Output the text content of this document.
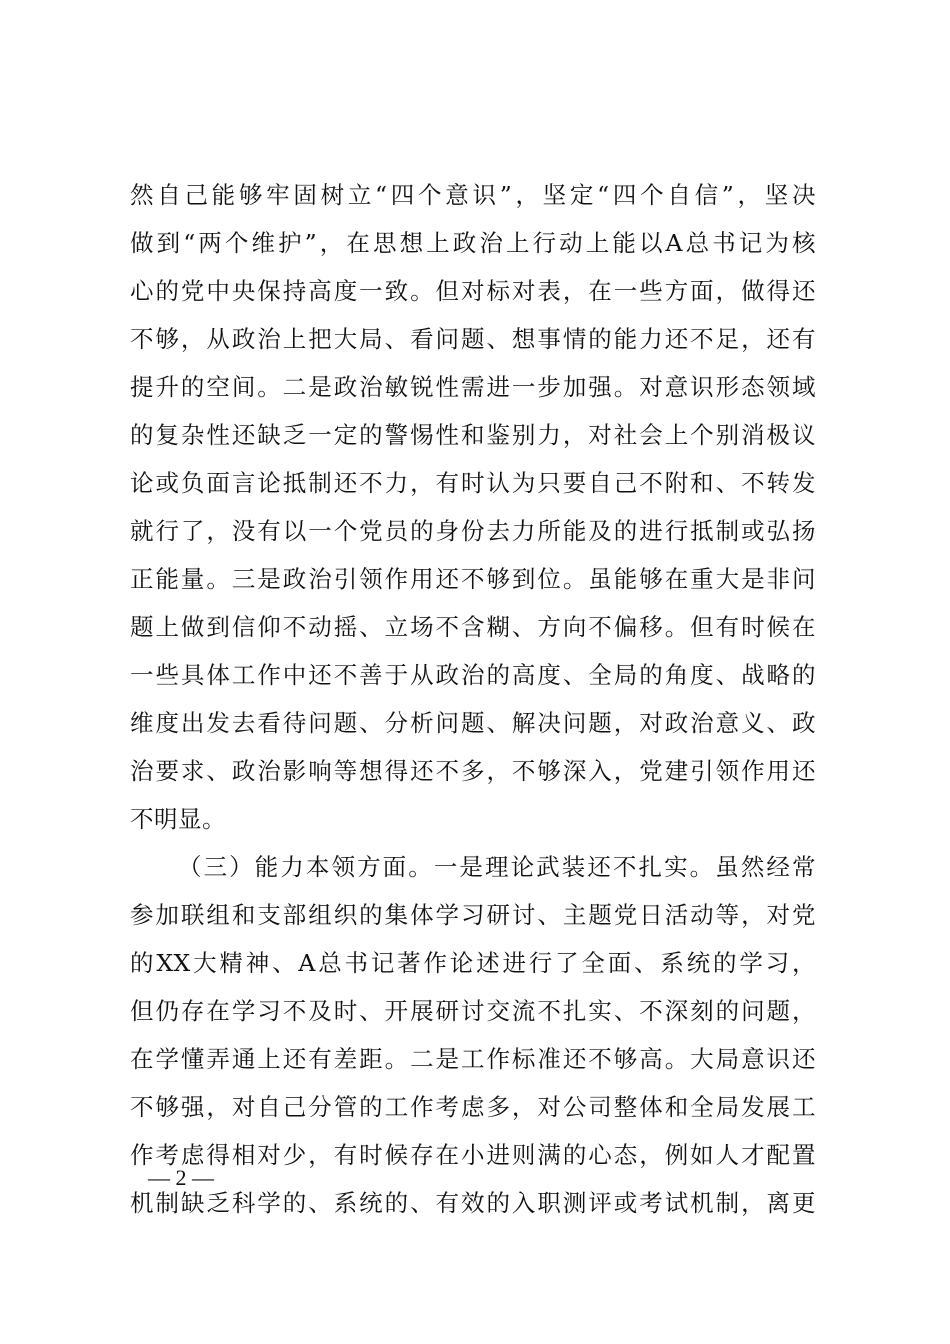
然自己能够牢固树立“四个意识”，坚定“四个自信”，坚决
做到“两个维护”，在思想上政治上行动上能以A总书记为核
心的党中央保持高度一致。但对标对表，在一些方面，做得还
不够，从政治上把大局、看问题、想事情的能力还不足，还有
提升的空间。二是政治敏锐性需进一步加强。对意识形态领域
的复杂性还缺乏一定的警惕性和鉴别力，对社会上个别消极议
论或负面言论抵制还不力，有时认为只要自己不附和、不转发
就行了，没有以一个党员的身份去力所能及的进行抵制或弘扬
正能量。三是政治引领作用还不够到位。虽能够在重大是非问
题上做到信仰不动摇、立场不含糊、方向不偏移。但有时候在
一些具体工作中还不善于从政治的高度、全局的角度、战略的
维度出发去看待问题、分析问题、解决问题，对政治意义、政
治要求、政治影响等想得还不多，不够深入，党建引领作用还
不明显。
（三）能力本领方面。一是理论武装还不扎实。虽然经常
参加联组和支部组织的集体学习研讨、主题党日活动等，对党
的XX大精神、A总书记著作论述进行了全面、系统的学习，
但仍存在学习不及时、开展研讨交流不扎实、不深刻的问题，
在学懂弄通上还有差距。二是工作标准还不够高。大局意识还
不够强，对自己分管的工作考虑多，对公司整体和全局发展工
作考虑得相对少，有时候存在小进则满的心态，例如人才配置
机制缺乏科学的、系统的、有效的入职测评或考试机制，离更
— 2 —
